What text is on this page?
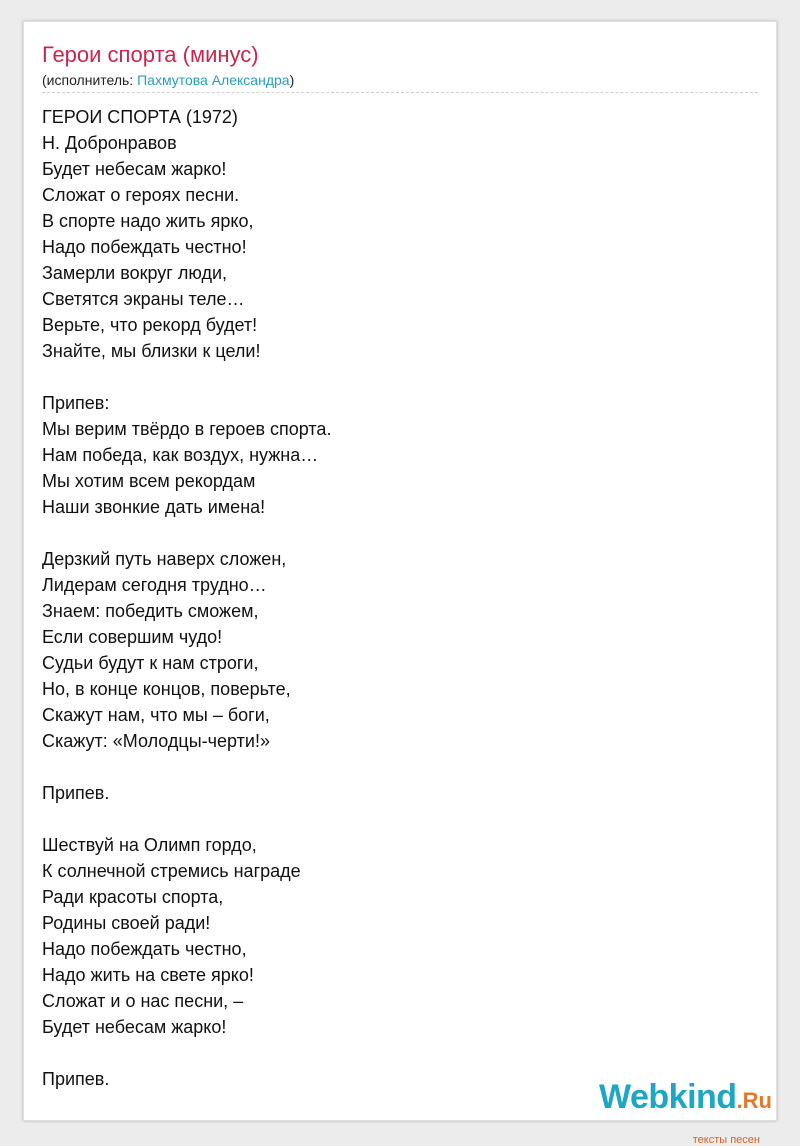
Герои спорта (минус)
(исполнитель: Пахмутова Александра)
ГЕРОИ СПОРТА (1972)
Н. Добронравов
Будет небесам жарко!
Сложат о героях песни.
В спорте надо жить ярко,
Надо побеждать честно!
Замерли вокруг люди,
Светятся экраны теле…
Верьте, что рекорд будет!
Знайте, мы близки к цели!
Припев:
Мы верим твёрдо в героев спорта.
Нам победа, как воздух, нужна…
Мы хотим всем рекордам
Наши звонкие дать имена!
Дерзкий путь наверх сложен,
Лидерам сегодня трудно…
Знаем: победить сможем,
Если совершим чудо!
Судьи будут к нам строги,
Но, в конце концов, поверьте,
Скажут нам, что мы – боги,
Скажут: «Молодцы-черти!»
Припев.
Шествуй на Олимп гордо,
К солнечной стремись награде
Ради красоты спорта,
Родины своей ради!
Надо побеждать честно,
Надо жить на свете ярко!
Сложат и о нас песни, –
Будет небесам жарко!
Припев.	Webkind.Ru
тексты песен
